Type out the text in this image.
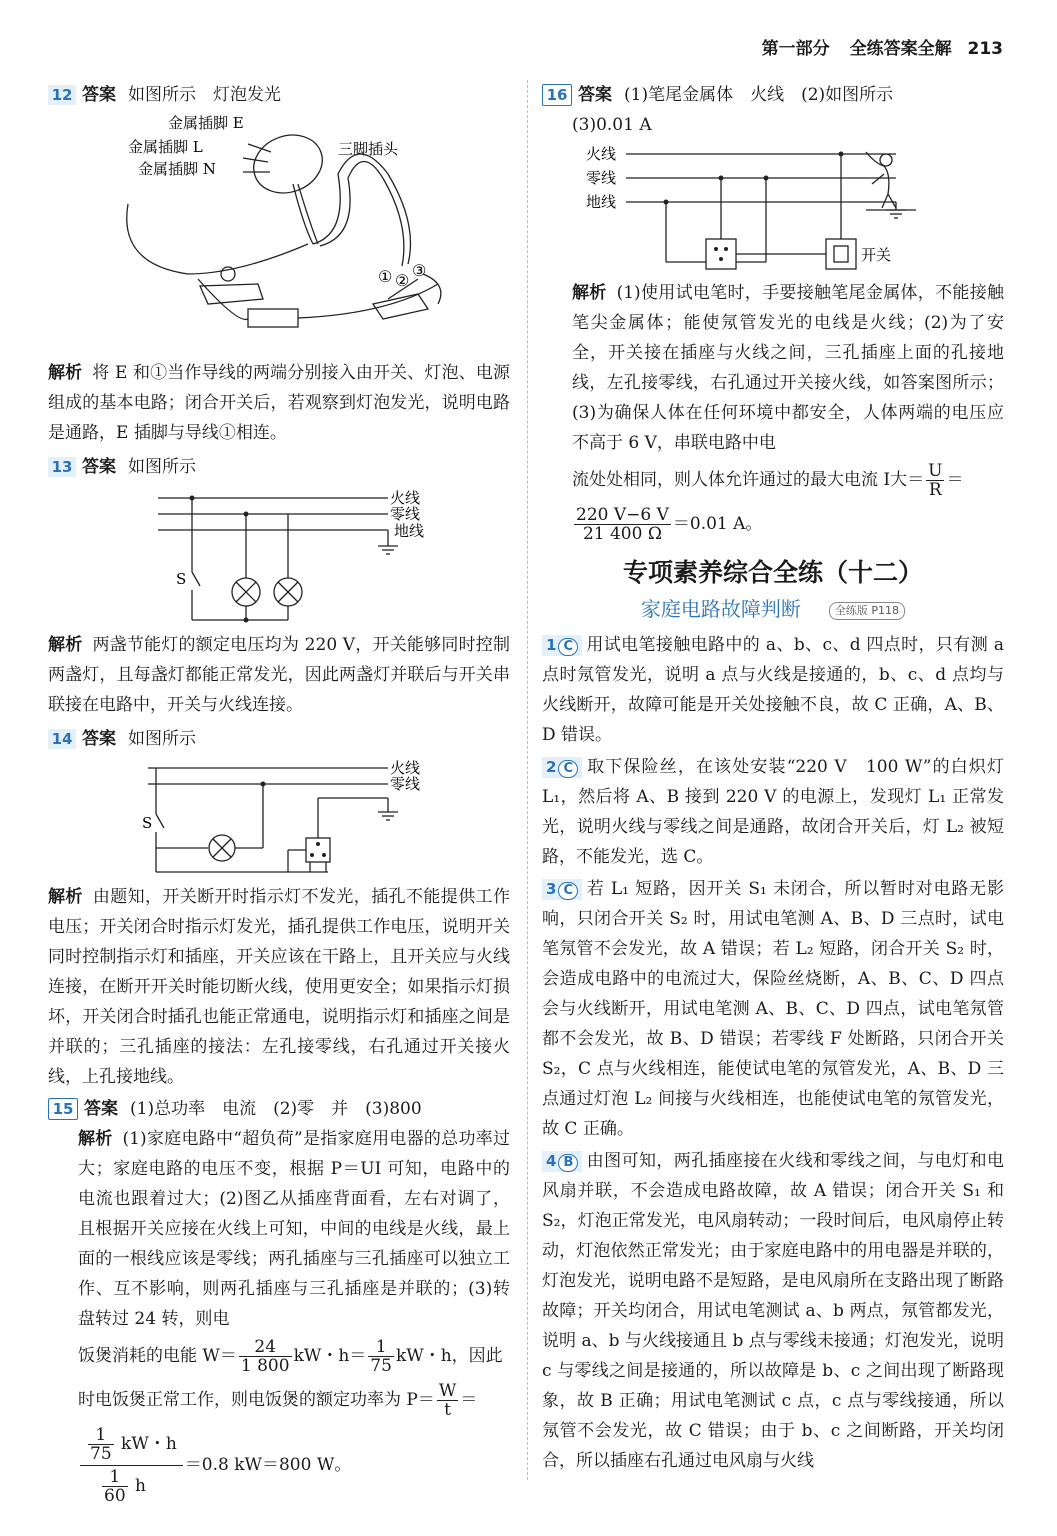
第一部分 全练答案全解 213

12 答案 如图所示　灯泡发光

金属插脚 E
金属插脚 L
金属插脚 N
三脚插头
① ②
③

解析 将 E 和①当作导线的两端分别接入由开关、灯泡、电源组成的基本电路；闭合开关后，若观察到灯泡发光，说明电路是通路，E 插脚与导线①相连。

13 答案 如图所示

火线
零线
地线
S

解析 两盏节能灯的额定电压均为 220 V，开关能够同时控制两盏灯，且每盏灯都能正常发光，因此两盏灯并联后与开关串联接在电路中，开关与火线连接。

14 答案 如图所示

火线
零线
S

解析 由题知，开关断开时指示灯不发光，插孔不能提供工作电压；开关闭合时指示灯发光，插孔提供工作电压，说明开关同时控制指示灯和插座，开关应该在干路上，且开关应与火线连接，在断开开关时能切断火线，使用更安全；如果指示灯损坏，开关闭合时插孔也能正常通电，说明指示灯和插座之间是并联的；三孔插座的接法：左孔接零线，右孔通过开关接火线，上孔接地线。

15 答案 (1)总功率　电流　(2)零　并　(3)800

解析 (1)家庭电路中“超负荷”是指家庭用电器的总功率过大；家庭电路的电压不变，根据 P＝UI 可知，电路中的电流也跟着过大；(2)图乙从插座背面看，左右对调了，且根据开关应接在火线上可知，中间的电线是火线，最上面的一根线应该是零线；两孔插座与三孔插座可以独立工作、互不影响，则两孔插座与三孔插座是并联的；(3)转盘转过 24 转，则电

饭煲消耗的电能 $W= \frac{24}{1 800}$ kW・$h= \frac{1}{75}$ kW・h，因此

时电饭煲正常工作，则电饭煲的额定功率为 $P= \frac{W}{t}$ ＝

$\frac{\frac{1}{75} kW・h}{\frac{1}{60} h} =0.8$ kW＝800 W。

16 答案 (1)笔尾金属体　火线　(2)如图所示

(3)0.01 A

火线
零线
地线
开关

解析 (1)使用试电笔时，手要接触笔尾金属体，不能接触笔尖金属体；能使氖管发光的电线是火线；(2)为了安全，开关接在插座与火线之间，三孔插座上面的孔接地线，左孔接零线，右孔通过开关接火线，如答案图所示；(3)为确保人体在任何环境中都安全，人体两端的电压应不高于 6 V，串联电路中电

流处处相同，则人体允许通过的最大电流 I大＝ $\frac{U}{R}$ ＝

$\frac{220 V-6 V}{21 400 \Omega} =0.01$ A。

专项素养综合全练（十二）
家庭电路故障判断	全练版 P118
1 C 用试电笔接触电路中的 a、b、c、d 四点时，只有测 a 点时氖管发光，说明 a 点与火线是接通的，b、c、d 点均与火线断开，故障可能是开关处接触不良，故 C 正确，A、B、D 错误。
2 C 取下保险丝，在该处安装“220 V　100 W”的白炽灯 L₁，然后将 A、B 接到 220 V 的电源上，发现灯 L₁ 正常发光，说明火线与零线之间是通路，故闭合开关后，灯 L₂ 被短路，不能发光，选 C。
3 C 若 L₁ 短路，因开关 S₁ 未闭合，所以暂时对电路无影响，只闭合开关 S₂ 时，用试电笔测 A、B、D 三点时，试电笔氖管不会发光，故 A 错误；若 L₂ 短路，闭合开关 S₂ 时，会造成电路中的电流过大，保险丝烧断，A、B、C、D 四点会与火线断开，用试电笔测 A、B、C、D 四点，试电笔氖管都不会发光，故 B、D 错误；若零线 F 处断路，只闭合开关 S₂，C 点与火线相连，能使试电笔的氖管发光，A、B、D 三点通过灯泡 L₂ 间接与火线相连，也能使试电笔的氖管发光，故 C 正确。
4 B 由图可知，两孔插座接在火线和零线之间，与电灯和电风扇并联，不会造成电路故障，故 A 错误；闭合开关 S₁ 和 S₂，灯泡正常发光，电风扇转动；一段时间后，电风扇停止转动，灯泡依然正常发光；由于家庭电路中的用电器是并联的，灯泡发光，说明电路不是短路，是电风扇所在支路出现了断路故障；开关均闭合，用试电笔测试 a、b 两点，氖管都发光，说明 a、b 与火线接通且 b 点与零线未接通；灯泡发光，说明 c 与零线之间是接通的，所以故障是 b、c 之间出现了断路现象，故 B 正确；用试电笔测试 c 点，c 点与零线接通，所以氖管不会发光，故 C 错误；由于 b、c 之间断路，开关均闭合，所以插座右孔通过电风扇与火线
